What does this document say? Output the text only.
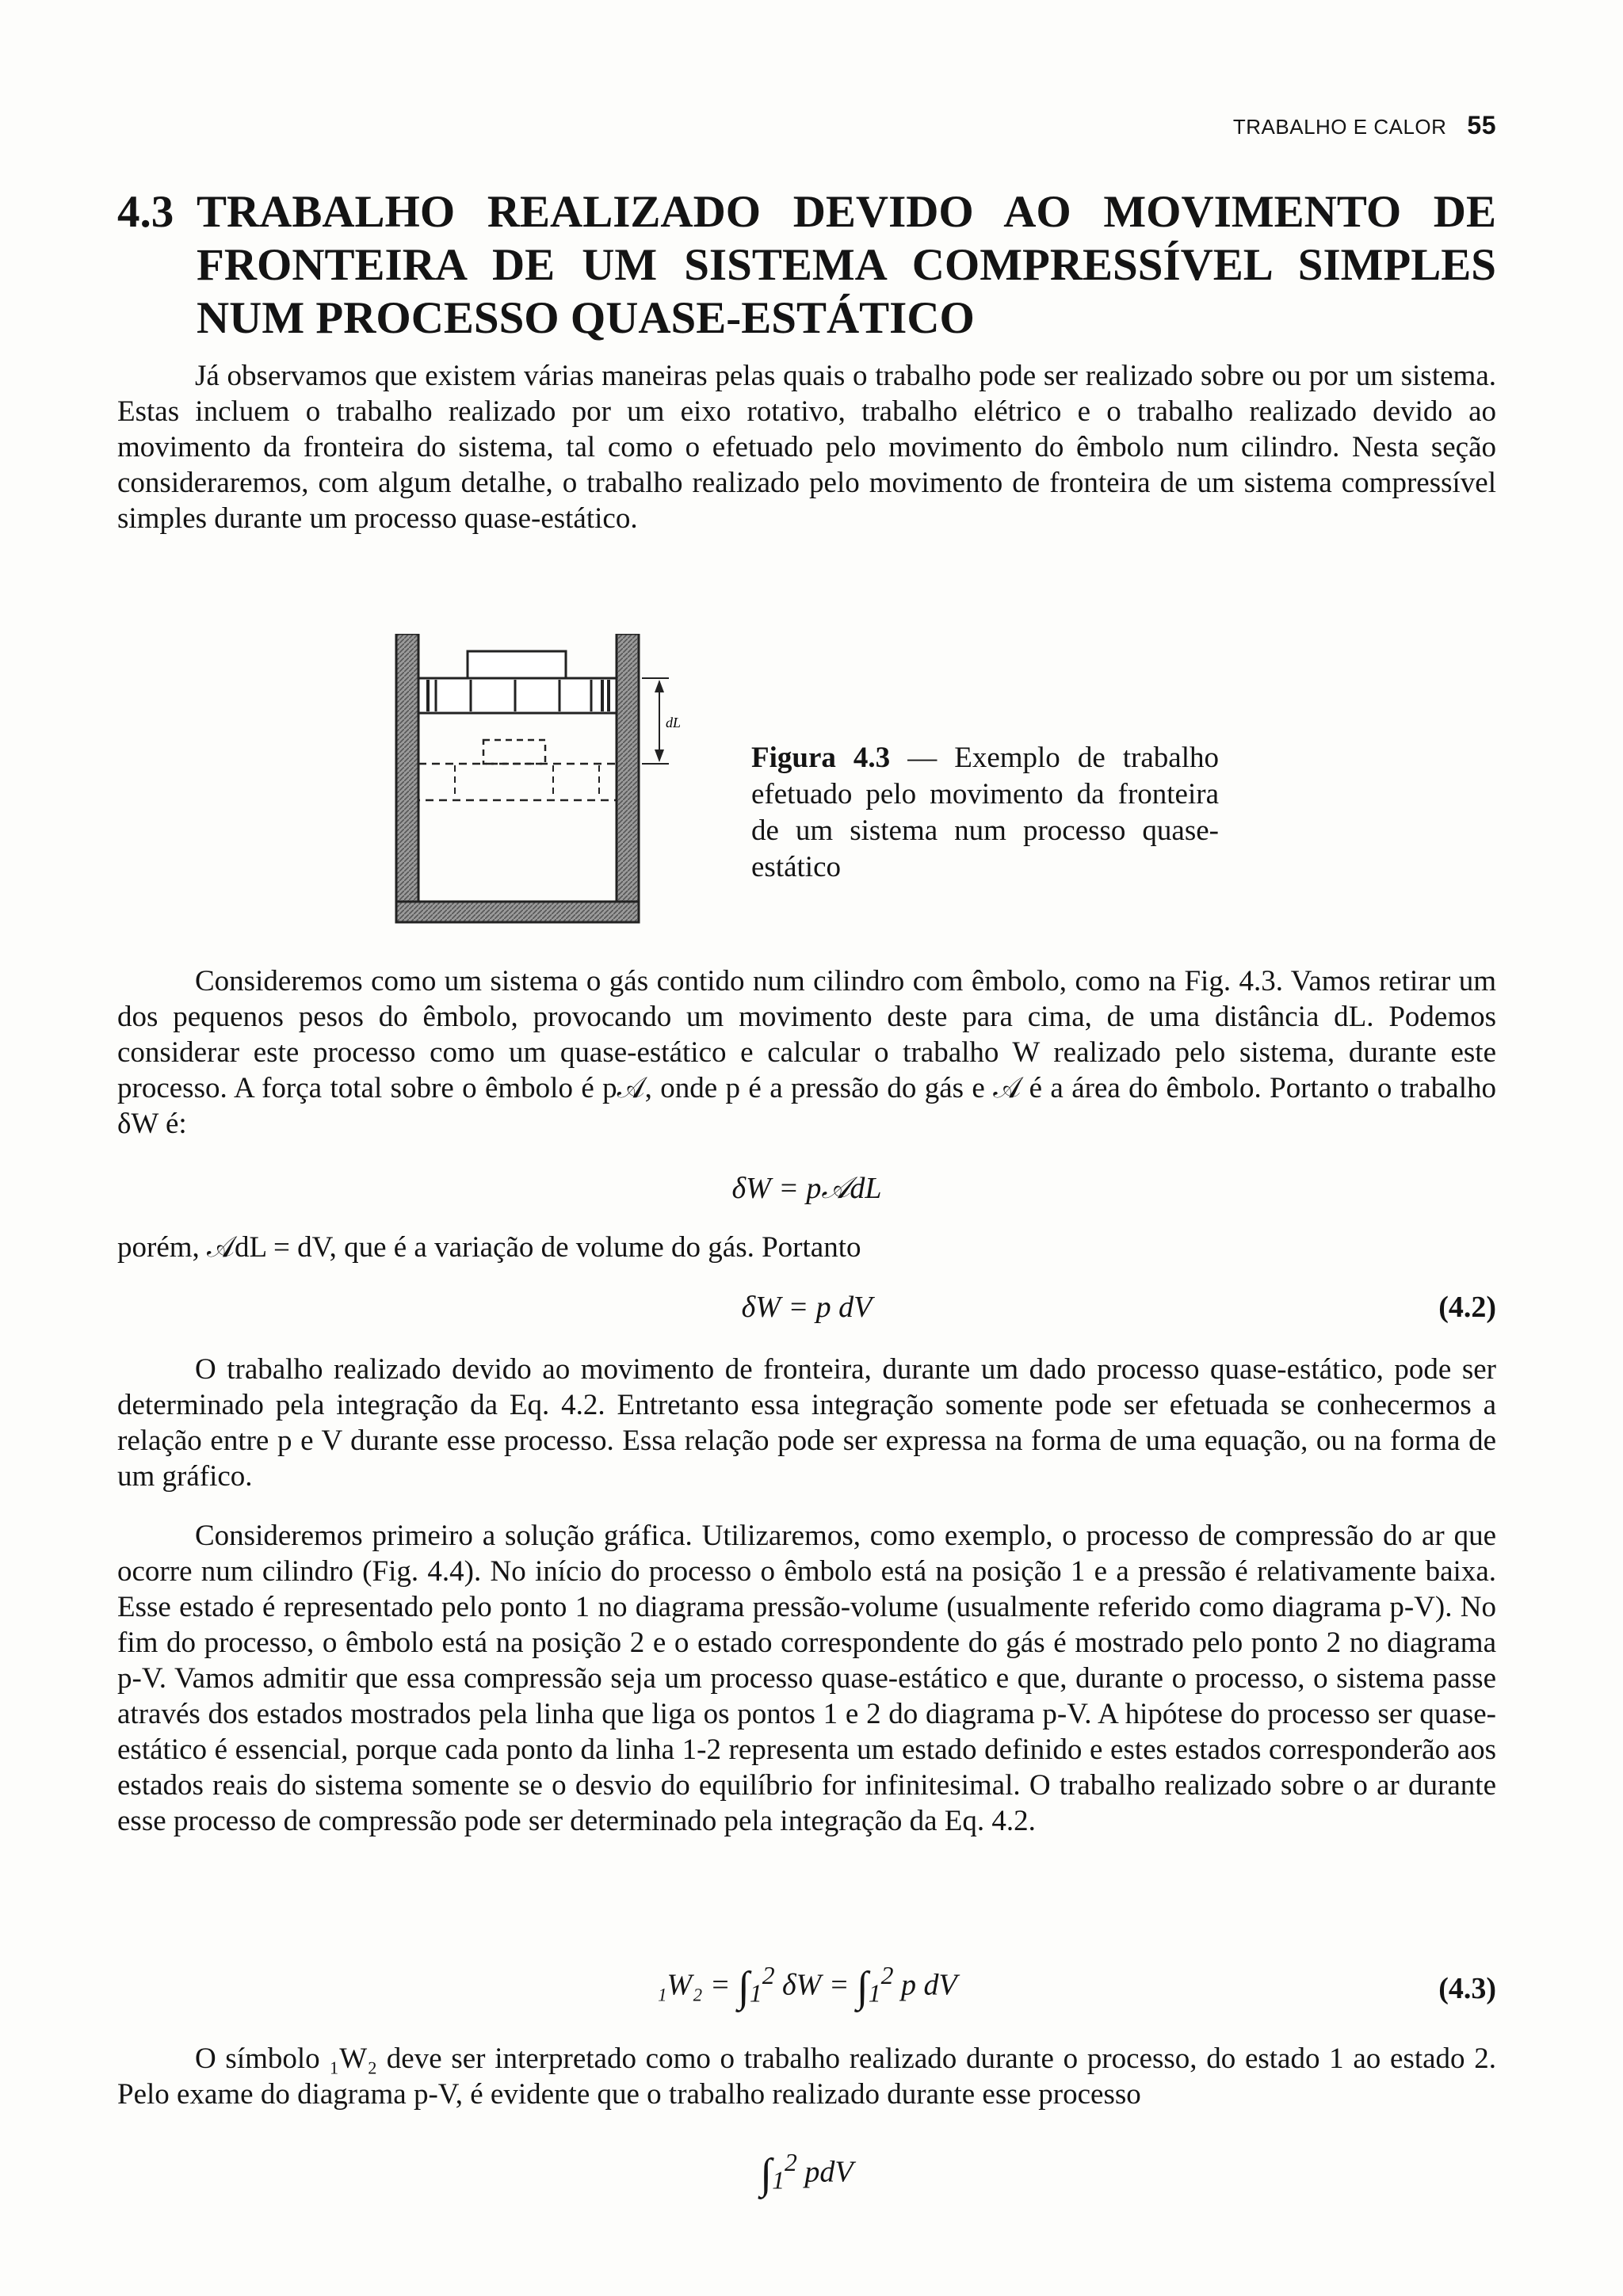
TRABALHO E CALOR 55
4.3 TRABALHO REALIZADO DEVIDO AO MOVIMENTO DE FRONTEIRA DE UM SISTEMA COMPRESSÍVEL SIMPLES NUM PROCESSO QUASE-ESTÁTICO

Já observamos que existem várias maneiras pelas quais o trabalho pode ser realizado sobre ou por um sistema. Estas incluem o trabalho realizado por um eixo rotativo, trabalho elétrico e o trabalho realizado devido ao movimento da fronteira do sistema, tal como o efetuado pelo movimento do êmbolo num cilindro. Nesta seção consideraremos, com algum detalhe, o trabalho realizado pelo movimento de fronteira de um sistema compressível simples durante um processo quase-estático.

dL
Figura 4.3 — Exemplo de trabalho efetuado pelo movimento da fronteira de um sistema num processo quase-estático

Consideremos como um sistema o gás contido num cilindro com êmbolo, como na Fig. 4.3. Vamos retirar um dos pequenos pesos do êmbolo, provocando um movimento deste para cima, de uma distância dL. Podemos considerar este processo como um quase-estático e calcular o trabalho W realizado pelo sistema, durante este processo. A força total sobre o êmbolo é p𝒜, onde p é a pressão do gás e 𝒜 é a área do êmbolo. Portanto o trabalho δW é:

δW = p𝒜dL

porém, 𝒜dL = dV, que é a variação de volume do gás. Portanto

δW = p dV	(4.2)

O trabalho realizado devido ao movimento de fronteira, durante um dado processo quase-estático, pode ser determinado pela integração da Eq. 4.2. Entretanto essa integração somente pode ser efetuada se conhecermos a relação entre p e V durante esse processo. Essa relação pode ser expressa na forma de uma equação, ou na forma de um gráfico.

Consideremos primeiro a solução gráfica. Utilizaremos, como exemplo, o processo de compressão do ar que ocorre num cilindro (Fig. 4.4). No início do processo o êmbolo está na posição 1 e a pressão é relativamente baixa. Esse estado é representado pelo ponto 1 no diagrama pressão-volume (usualmente referido como diagrama p-V). No fim do processo, o êmbolo está na posição 2 e o estado correspondente do gás é mostrado pelo ponto 2 no diagrama p-V. Vamos admitir que essa compressão seja um processo quase-estático e que, durante o processo, o sistema passe através dos estados mostrados pela linha que liga os pontos 1 e 2 do diagrama p-V. A hipótese do processo ser quase-estático é essencial, porque cada ponto da linha 1-2 representa um estado definido e estes estados corresponderão aos estados reais do sistema somente se o desvio do equilíbrio for infinitesimal. O trabalho realizado sobre o ar durante esse processo de compressão pode ser determinado pela integração da Eq. 4.2.

$_1W_2 = \int_1^2$ $\delta W = \int_1^2$ p dV	(4.3)

O símbolo ₁W₂ deve ser interpretado como o trabalho realizado durante o processo, do estado 1 ao estado 2. Pelo exame do diagrama p-V, é evidente que o trabalho realizado durante esse processo

$\int_1^2$ pdV
